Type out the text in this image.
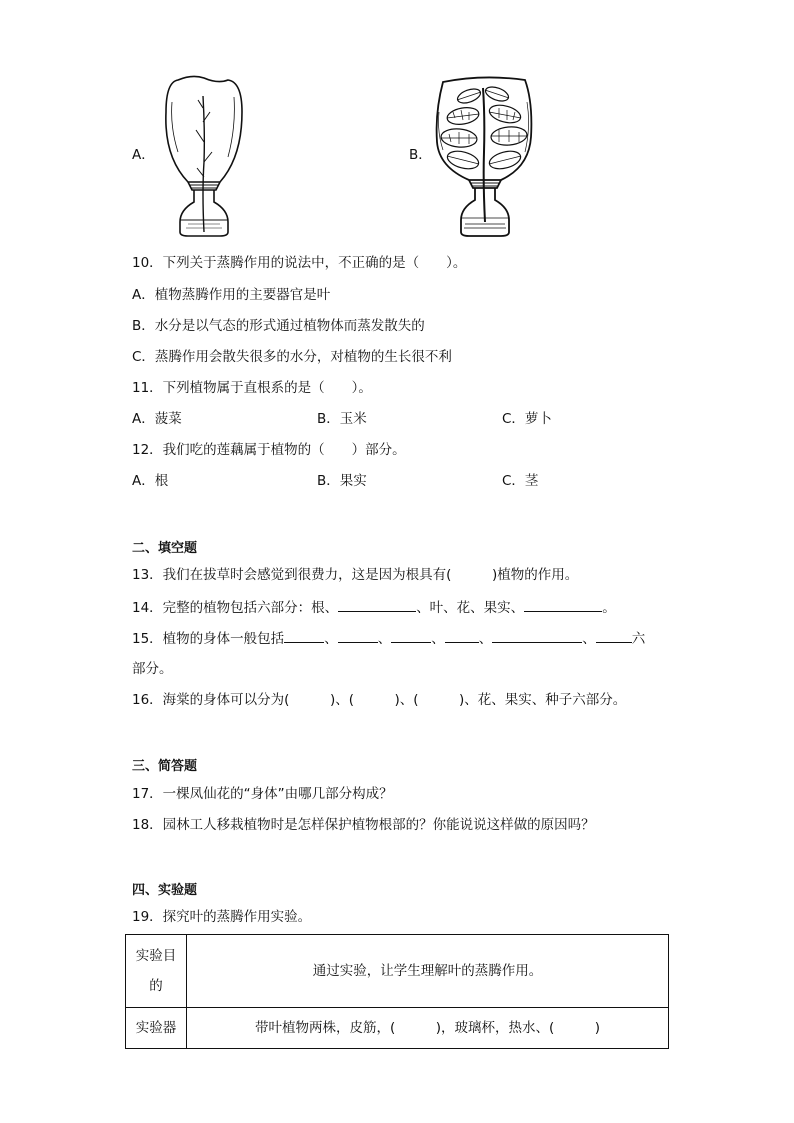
A．	B．
10．下列关于蒸腾作用的说法中，不正确的是（　　）。
A．植物蒸腾作用的主要器官是叶
B．水分是以气态的形式通过植物体而蒸发散失的
C．蒸腾作用会散失很多的水分，对植物的生长很不利
11．下列植物属于直根系的是（　　）。
A．菠菜	B．玉米	C．萝卜
12．我们吃的莲藕属于植物的（　　）部分。
A．根	B．果实	C．茎
二、填空题
13．我们在拔草时会感觉到很费力，这是因为根具有(　　　)植物的作用。
14．完整的植物包括六部分：根、	、叶、花、果实、	。
15．植物的身体一般包括	、	、	、	、	、	六
部分。
16．海棠的身体可以分为(　　　)、(　　　)、(　　　)、花、果实、种子六部分。
三、简答题
17．一棵凤仙花的“身体”由哪几部分构成？
18．园林工人移栽植物时是怎样保护植物根部的？你能说说这样做的原因吗？
四、实验题
19．探究叶的蒸腾作用实验。
实验目
的	通过实验，让学生理解叶的蒸腾作用。
实验器	带叶植物两株，皮筋，(　　　)，玻璃杯，热水、(　　　)
